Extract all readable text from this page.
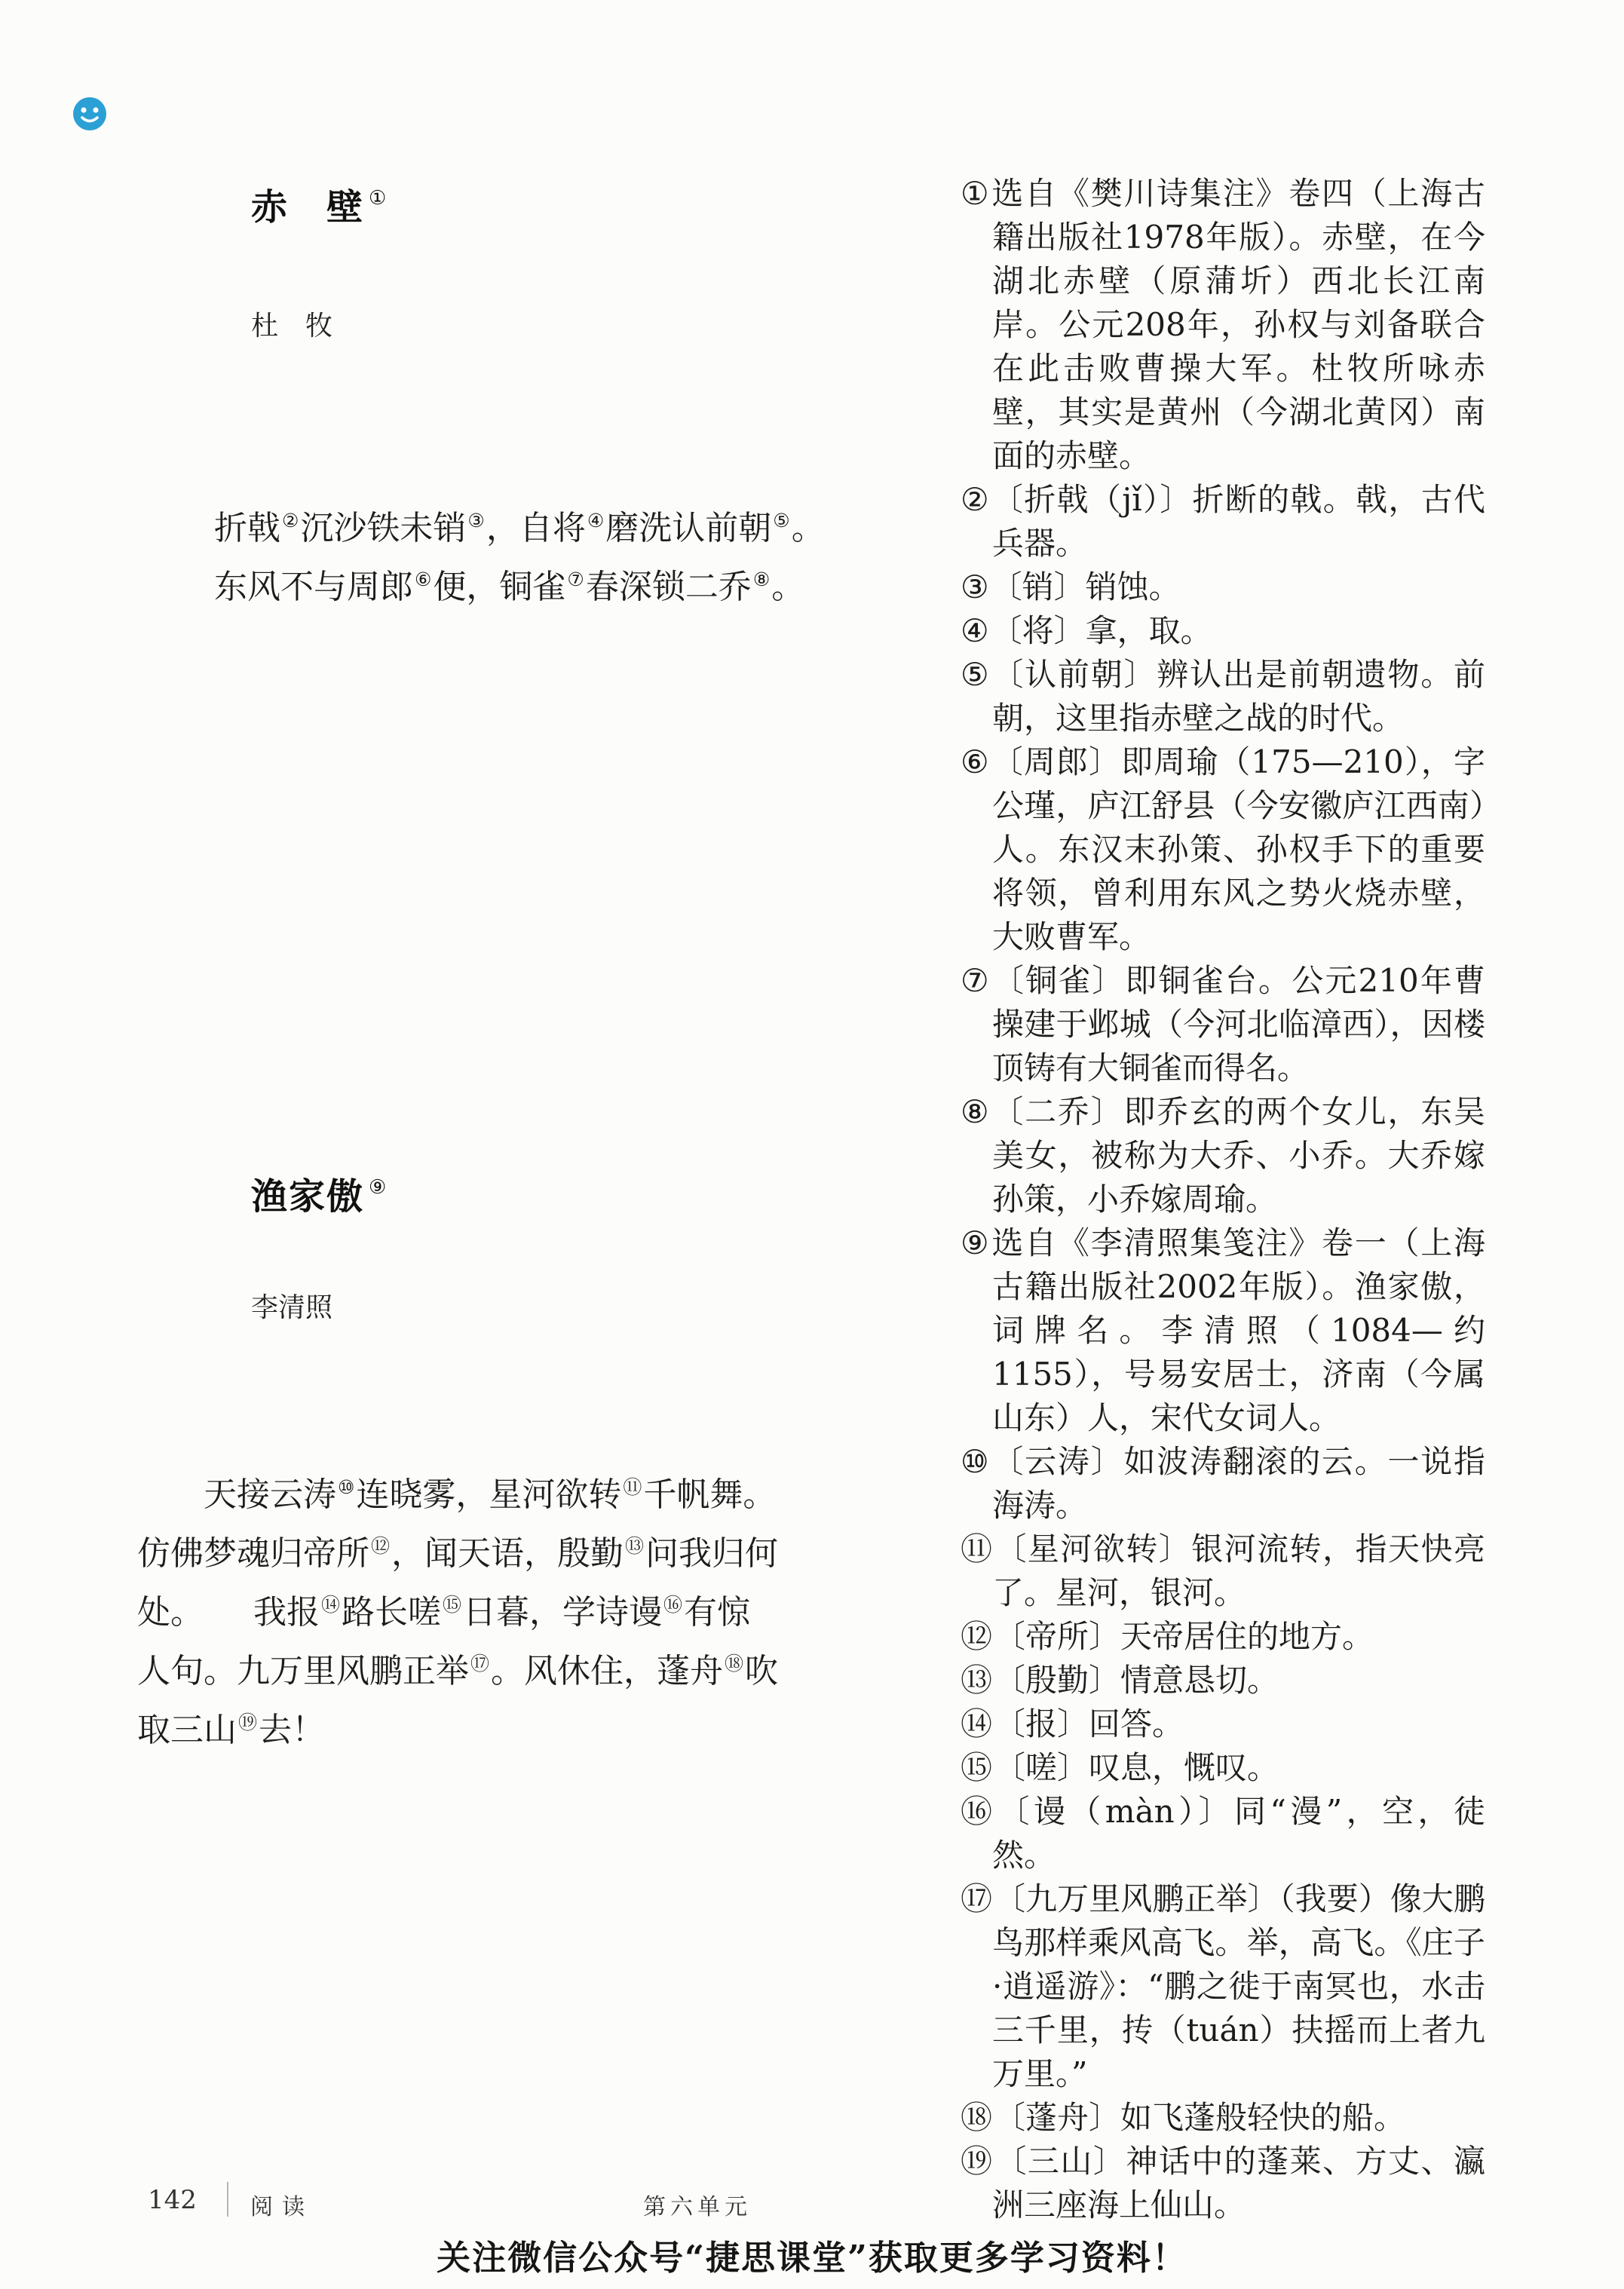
赤　壁 ①
杜　牧
折戟②沉沙铁未销③，自将④磨洗认前朝⑤。
东风不与周郎⑥便，铜雀⑦春深锁二乔⑧。
渔家傲 ⑨
李清照
　　天接云涛⑩连晓雾，星河欲转⑪千帆舞。
仿佛梦魂归帝所⑫，闻天语，殷勤⑬问我归何
处。　　我报⑭路长嗟⑮日暮，学诗谩⑯有惊
人句。九万里风鹏正举⑰。风休住，蓬舟⑱吹
取三山⑲去！

①选自《樊川诗集注》卷四（上海古籍出版社1978年版）。赤壁，在今湖北赤壁（原蒲圻）西北长江南岸。公元208年，孙权与刘备联合在此击败曹操大军。杜牧所咏赤壁，其实是黄州（今湖北黄冈）南面的赤壁。

②〔折戟（jǐ）〕折断的戟。戟，古代兵器。

③〔销〕销蚀。

④〔将〕拿，取。

⑤〔认前朝〕辨认出是前朝遗物。前朝，这里指赤壁之战的时代。

⑥〔周郎〕即周瑜（175—210），字公瑾，庐江舒县（今安徽庐江西南）人。东汉末孙策、孙权手下的重要将领，曾利用东风之势火烧赤壁，大败曹军。

⑦〔铜雀〕即铜雀台。公元210年曹操建于邺城（今河北临漳西），因楼顶铸有大铜雀而得名。

⑧〔二乔〕即乔玄的两个女儿，东吴美女，被称为大乔、小乔。大乔嫁孙策，小乔嫁周瑜。

⑨选自《李清照集笺注》卷一（上海古籍出版社2002年版）。渔家傲，词牌名。李清照（1084—约1155），号易安居士，济南（今属山东）人，宋代女词人。

⑩〔云涛〕如波涛翻滚的云。一说指海涛。

⑪〔星河欲转〕银河流转，指天快亮了。星河，银河。

⑫〔帝所〕天帝居住的地方。

⑬〔殷勤〕情意恳切。

⑭〔报〕回答。

⑮〔嗟〕叹息，慨叹。

⑯〔谩（màn）〕同“漫”，空，徒然。

⑰〔九万里风鹏正举〕（我要）像大鹏鸟那样乘风高飞。举，高飞。《庄子·逍遥游》：“鹏之徙于南冥也，水击三千里，抟（tuán）扶摇而上者九万里。”

⑱〔蓬舟〕如飞蓬般轻快的船。

⑲〔三山〕神话中的蓬莱、方丈、瀛洲三座海上仙山。

142 阅读	第六单元
关注微信公众号“捷思课堂”获取更多学习资料！
